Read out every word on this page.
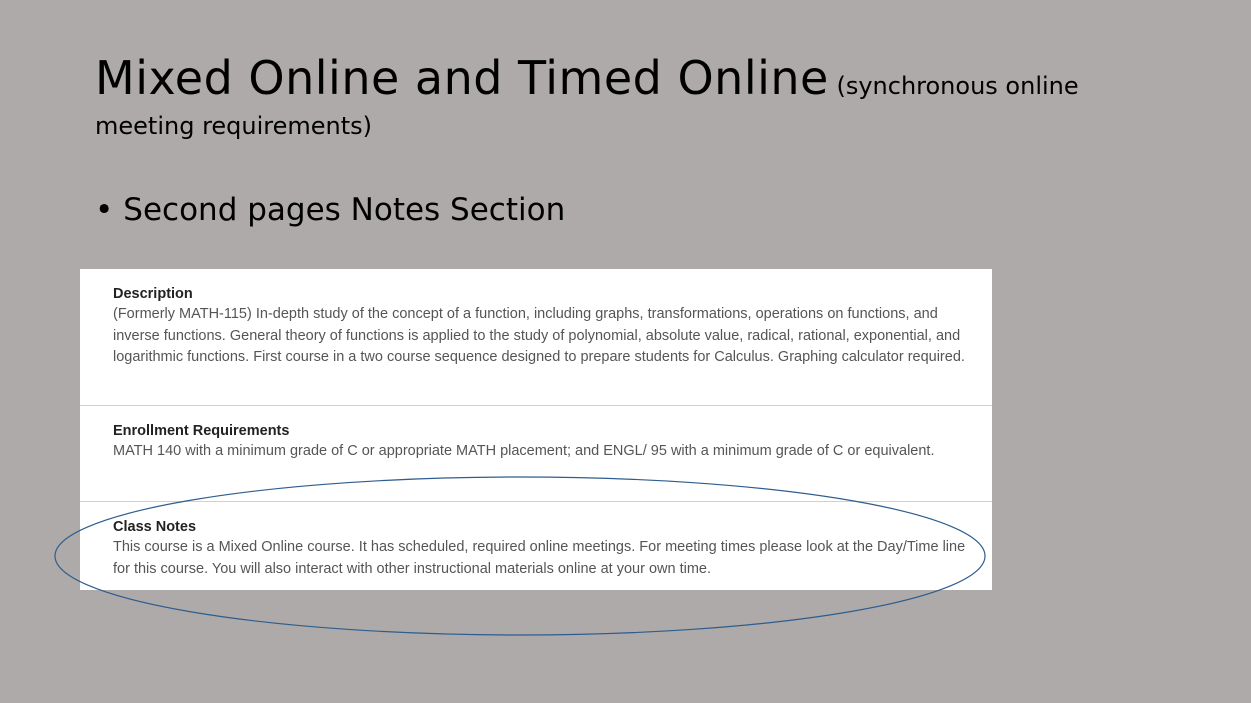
Mixed Online and Timed Online (synchronous online meeting requirements)

• Second pages Notes Section

Description

(Formerly MATH-115) In-depth study of the concept of a function, including graphs, transformations, operations on functions, and inverse functions. General theory of functions is applied to the study of polynomial, absolute value, radical, rational, exponential, and logarithmic functions. First course in a two course sequence designed to prepare students for Calculus. Graphing calculator required.

Enrollment Requirements

MATH 140 with a minimum grade of C or appropriate MATH placement; and ENGL/ 95 with a minimum grade of C or equivalent.

Class Notes

This course is a Mixed Online course. It has scheduled, required online meetings. For meeting times please look at the Day/Time line for this course. You will also interact with other instructional materials online at your own time.
